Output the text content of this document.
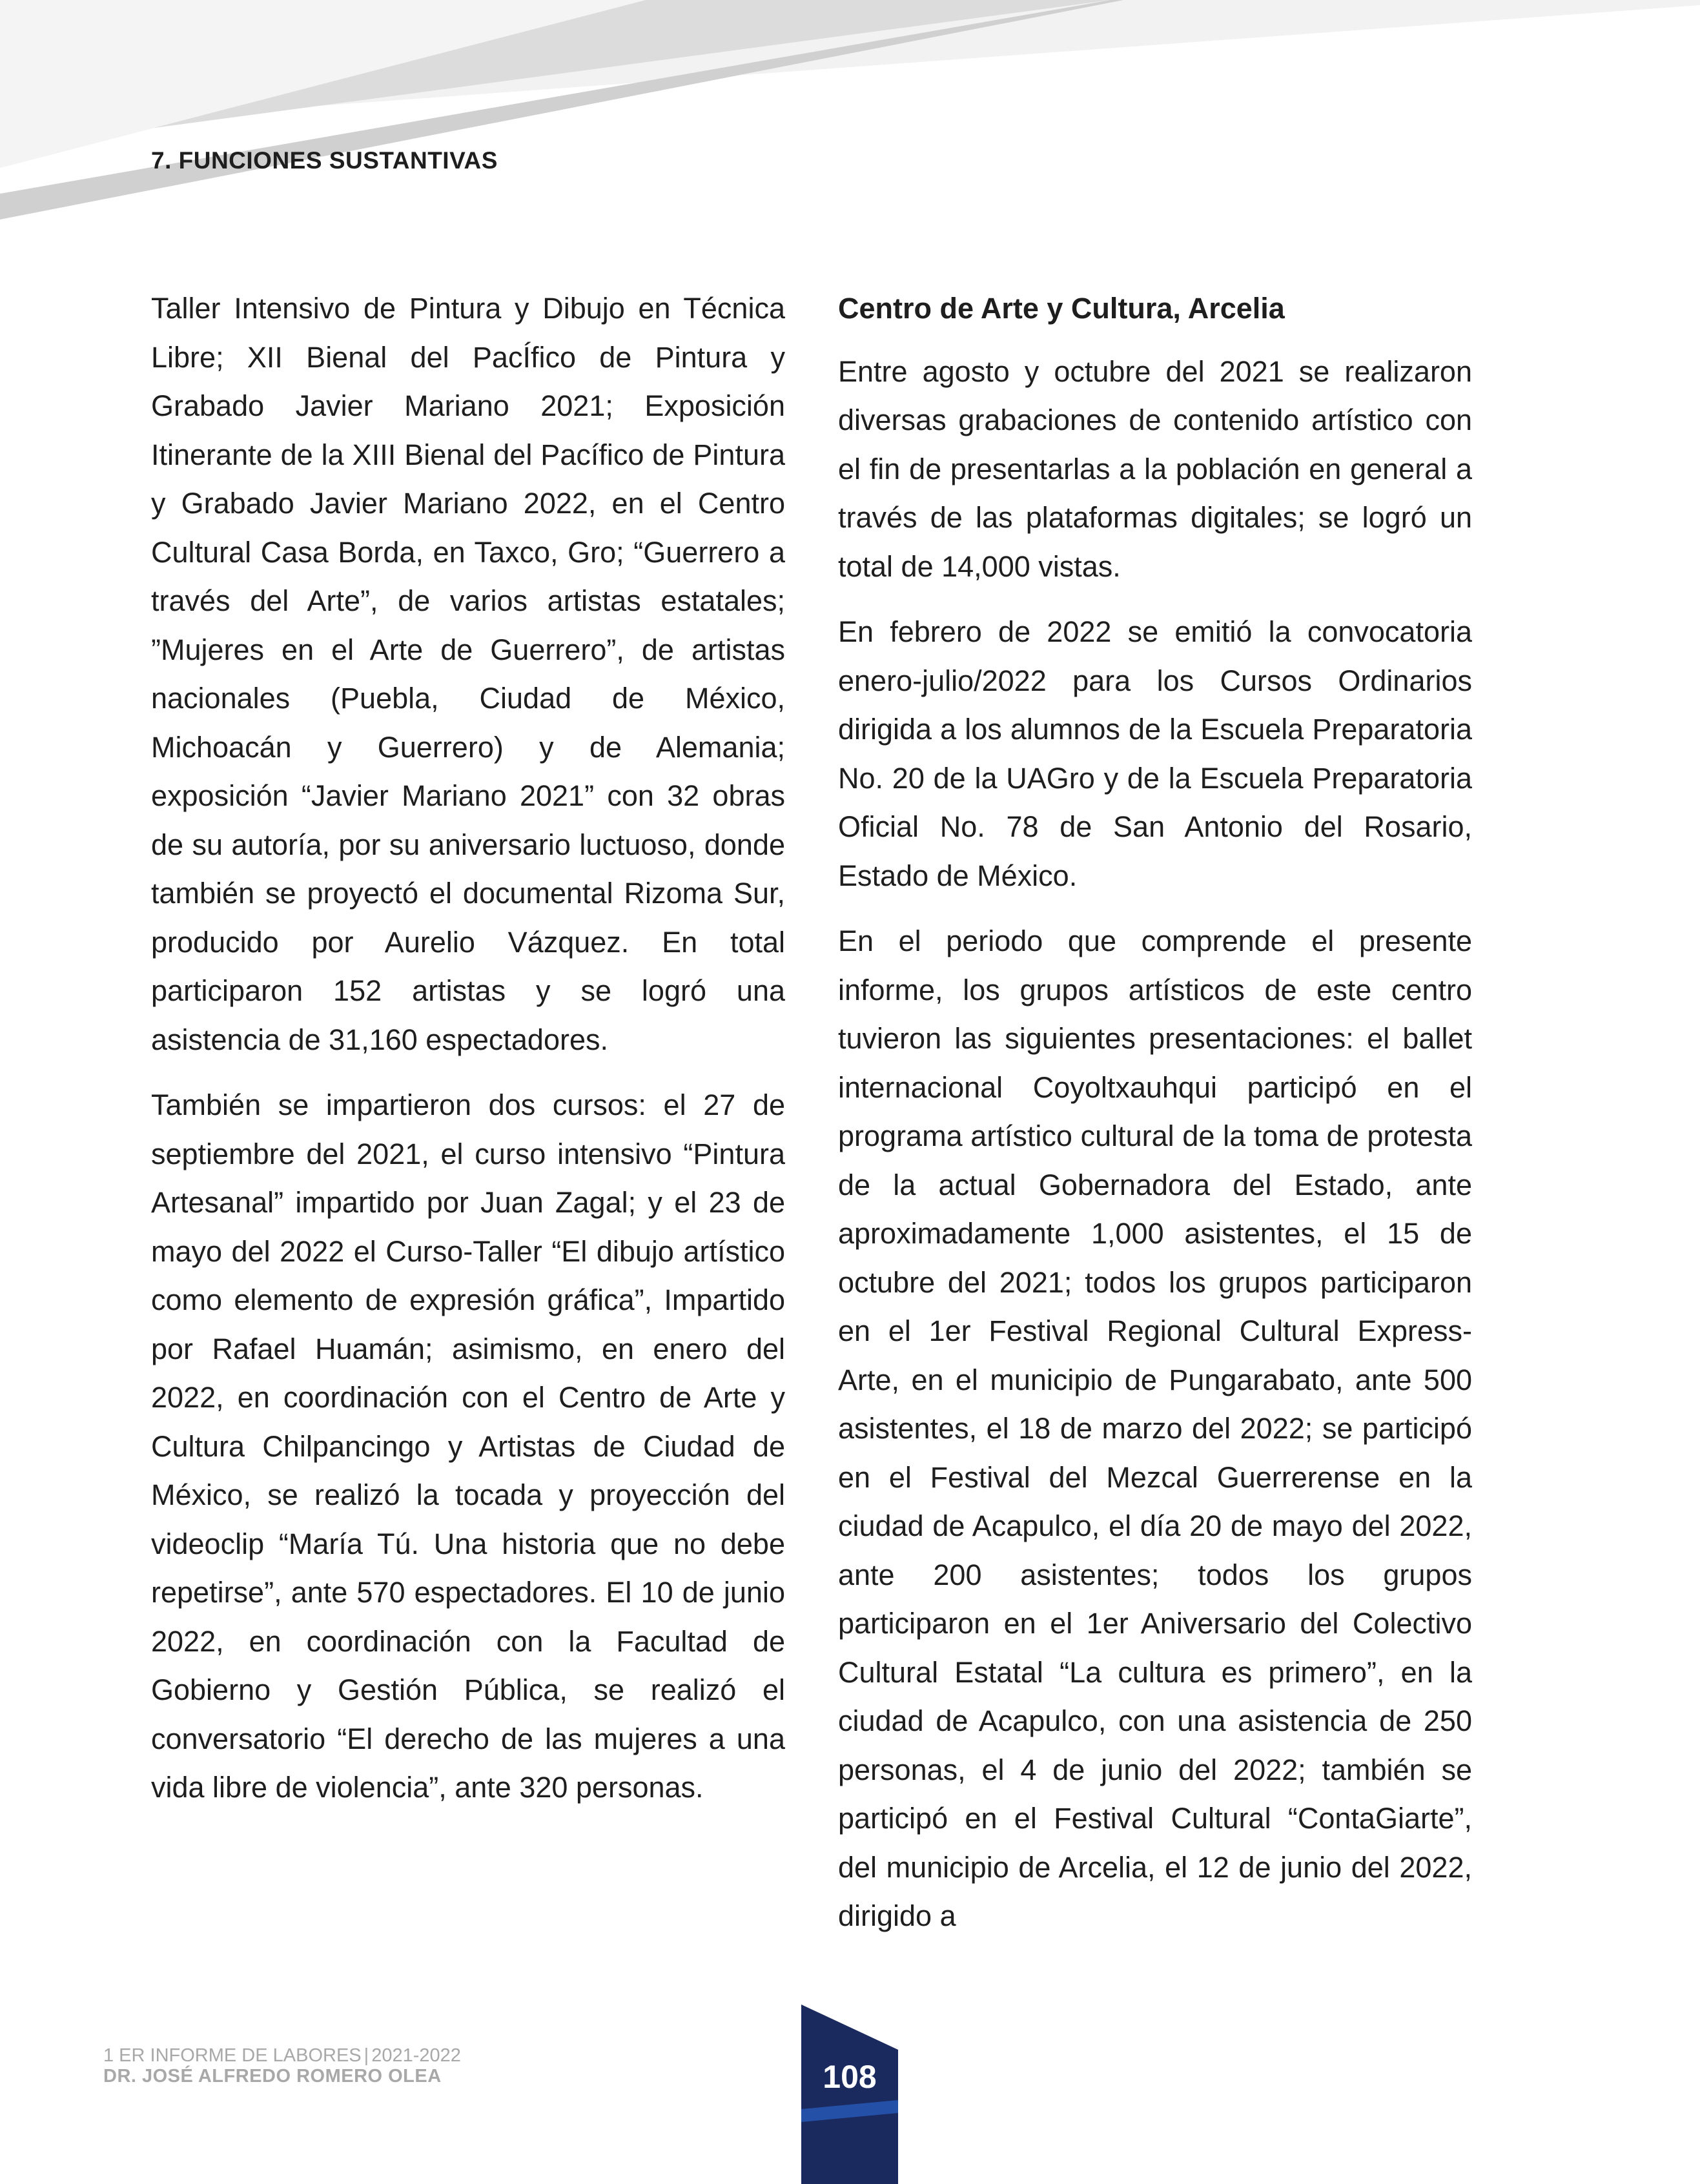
7. FUNCIONES SUSTANTIVAS

Taller Intensivo de Pintura y Dibujo en Técnica Libre; XII Bienal del PacÍfico de Pintura y Grabado Javier Mariano 2021; Exposición Itinerante de la XIII Bienal del Pacífico de Pintura y Grabado Javier Mariano 2022, en el Centro Cultural Casa Borda, en Taxco, Gro; “Guerrero a través del Arte”, de varios artistas estatales; ”Mujeres en el Arte de Guerrero”, de artistas nacionales (Puebla, Ciudad de México, Michoacán y Guerrero) y de Alemania; exposición “Javier Mariano 2021” con 32 obras de su autoría, por su aniversario luctuoso, donde también se proyectó el documental Rizoma Sur, producido por Aurelio Vázquez. En total participaron 152 artistas y se logró una asistencia de 31,160 espectadores.

También se impartieron dos cursos: el 27 de septiembre del 2021, el curso intensivo “Pintura Artesanal” impartido por Juan Zagal; y el 23 de mayo del 2022 el Curso-Taller “El dibujo artístico como elemento de expresión gráfica”, Impartido por Rafael Huamán; asimismo, en enero del 2022, en coordinación con el Centro de Arte y Cultura Chilpancingo y Artistas de Ciudad de México, se realizó la tocada y proyección del videoclip “María Tú. Una historia que no debe repetirse”, ante 570 espectadores. El 10 de junio 2022, en coordinación con la Facultad de Gobierno y Gestión Pública, se realizó el conversatorio “El derecho de las mujeres a una vida libre de violencia”, ante 320 personas.

Centro de Arte y Cultura, Arcelia

Entre agosto y octubre del 2021 se realizaron diversas grabaciones de contenido artístico con el fin de presentarlas a la población en general a través de las plataformas digitales; se logró un total de 14,000 vistas.

En febrero de 2022 se emitió la convocatoria enero-julio/2022 para los Cursos Ordinarios dirigida a los alumnos de la Escuela Preparatoria No. 20 de la UAGro y de la Escuela Preparatoria Oficial No. 78 de San Antonio del Rosario, Estado de México.

En el periodo que comprende el presente informe, los grupos artísticos de este centro tuvieron las siguientes presentaciones: el ballet internacional Coyoltxauhqui participó en el programa artístico cultural de la toma de protesta de la actual Gobernadora del Estado, ante aproximadamente 1,000 asistentes, el 15 de octubre del 2021; todos los grupos participaron en el 1er Festival Regional Cultural Express-Arte, en el municipio de Pungarabato, ante 500 asistentes, el 18 de marzo del 2022; se participó en el Festival del Mezcal Guerrerense en la ciudad de Acapulco, el día 20 de mayo del 2022, ante 200 asistentes; todos los grupos participaron en el 1er Aniversario del Colectivo Cultural Estatal “La cultura es primero”, en la ciudad de Acapulco, con una asistencia de 250 personas, el 4 de junio del 2022; también se participó en el Festival Cultural “ContaGiarte”, del municipio de Arcelia, el 12 de junio del 2022, dirigido a

1 ER INFORME DE LABORES | 2021-2022
DR. JOSÉ ALFREDO ROMERO OLEA	108
